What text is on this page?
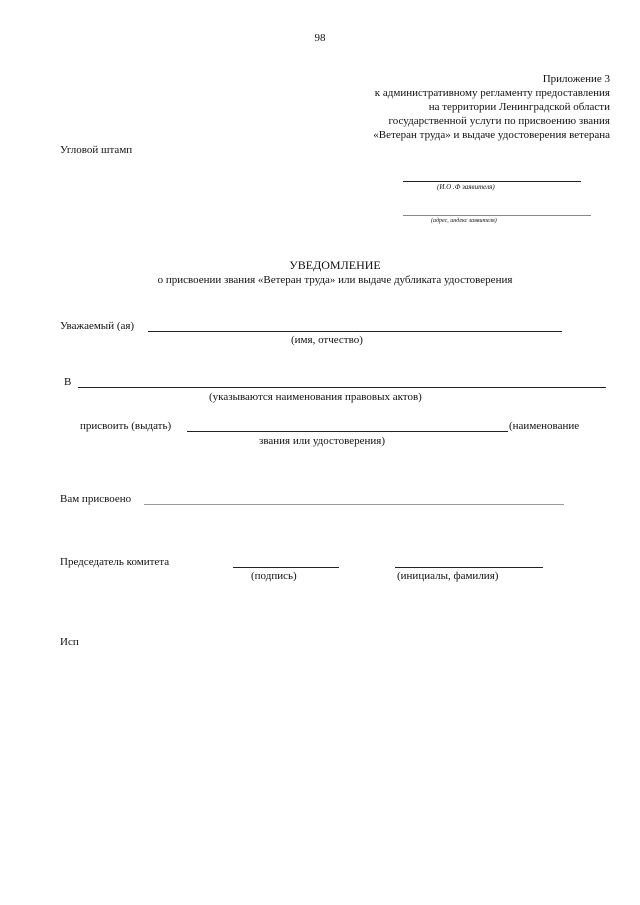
98
Приложение 3
к административному регламенту предоставления
на территории Ленинградской области
государственной услуги по присвоению звания
«Ветеран труда» и выдаче удостоверения ветерана
Угловой штамп
(И.О .Ф заявителя)
(адрес, индекс заявителя)
УВЕДОМЛЕНИЕ
о присвоении звания «Ветеран труда» или выдаче дубликата удостоверения
Уважаемый (ая)
(имя, отчество)
В
(указываются наименования правовых актов)
присвоить (выдать)	(наименование
звания или удостоверения)
Вам присвоено
Председатель комитета
(подпись)	(инициалы, фамилия)
Исп
